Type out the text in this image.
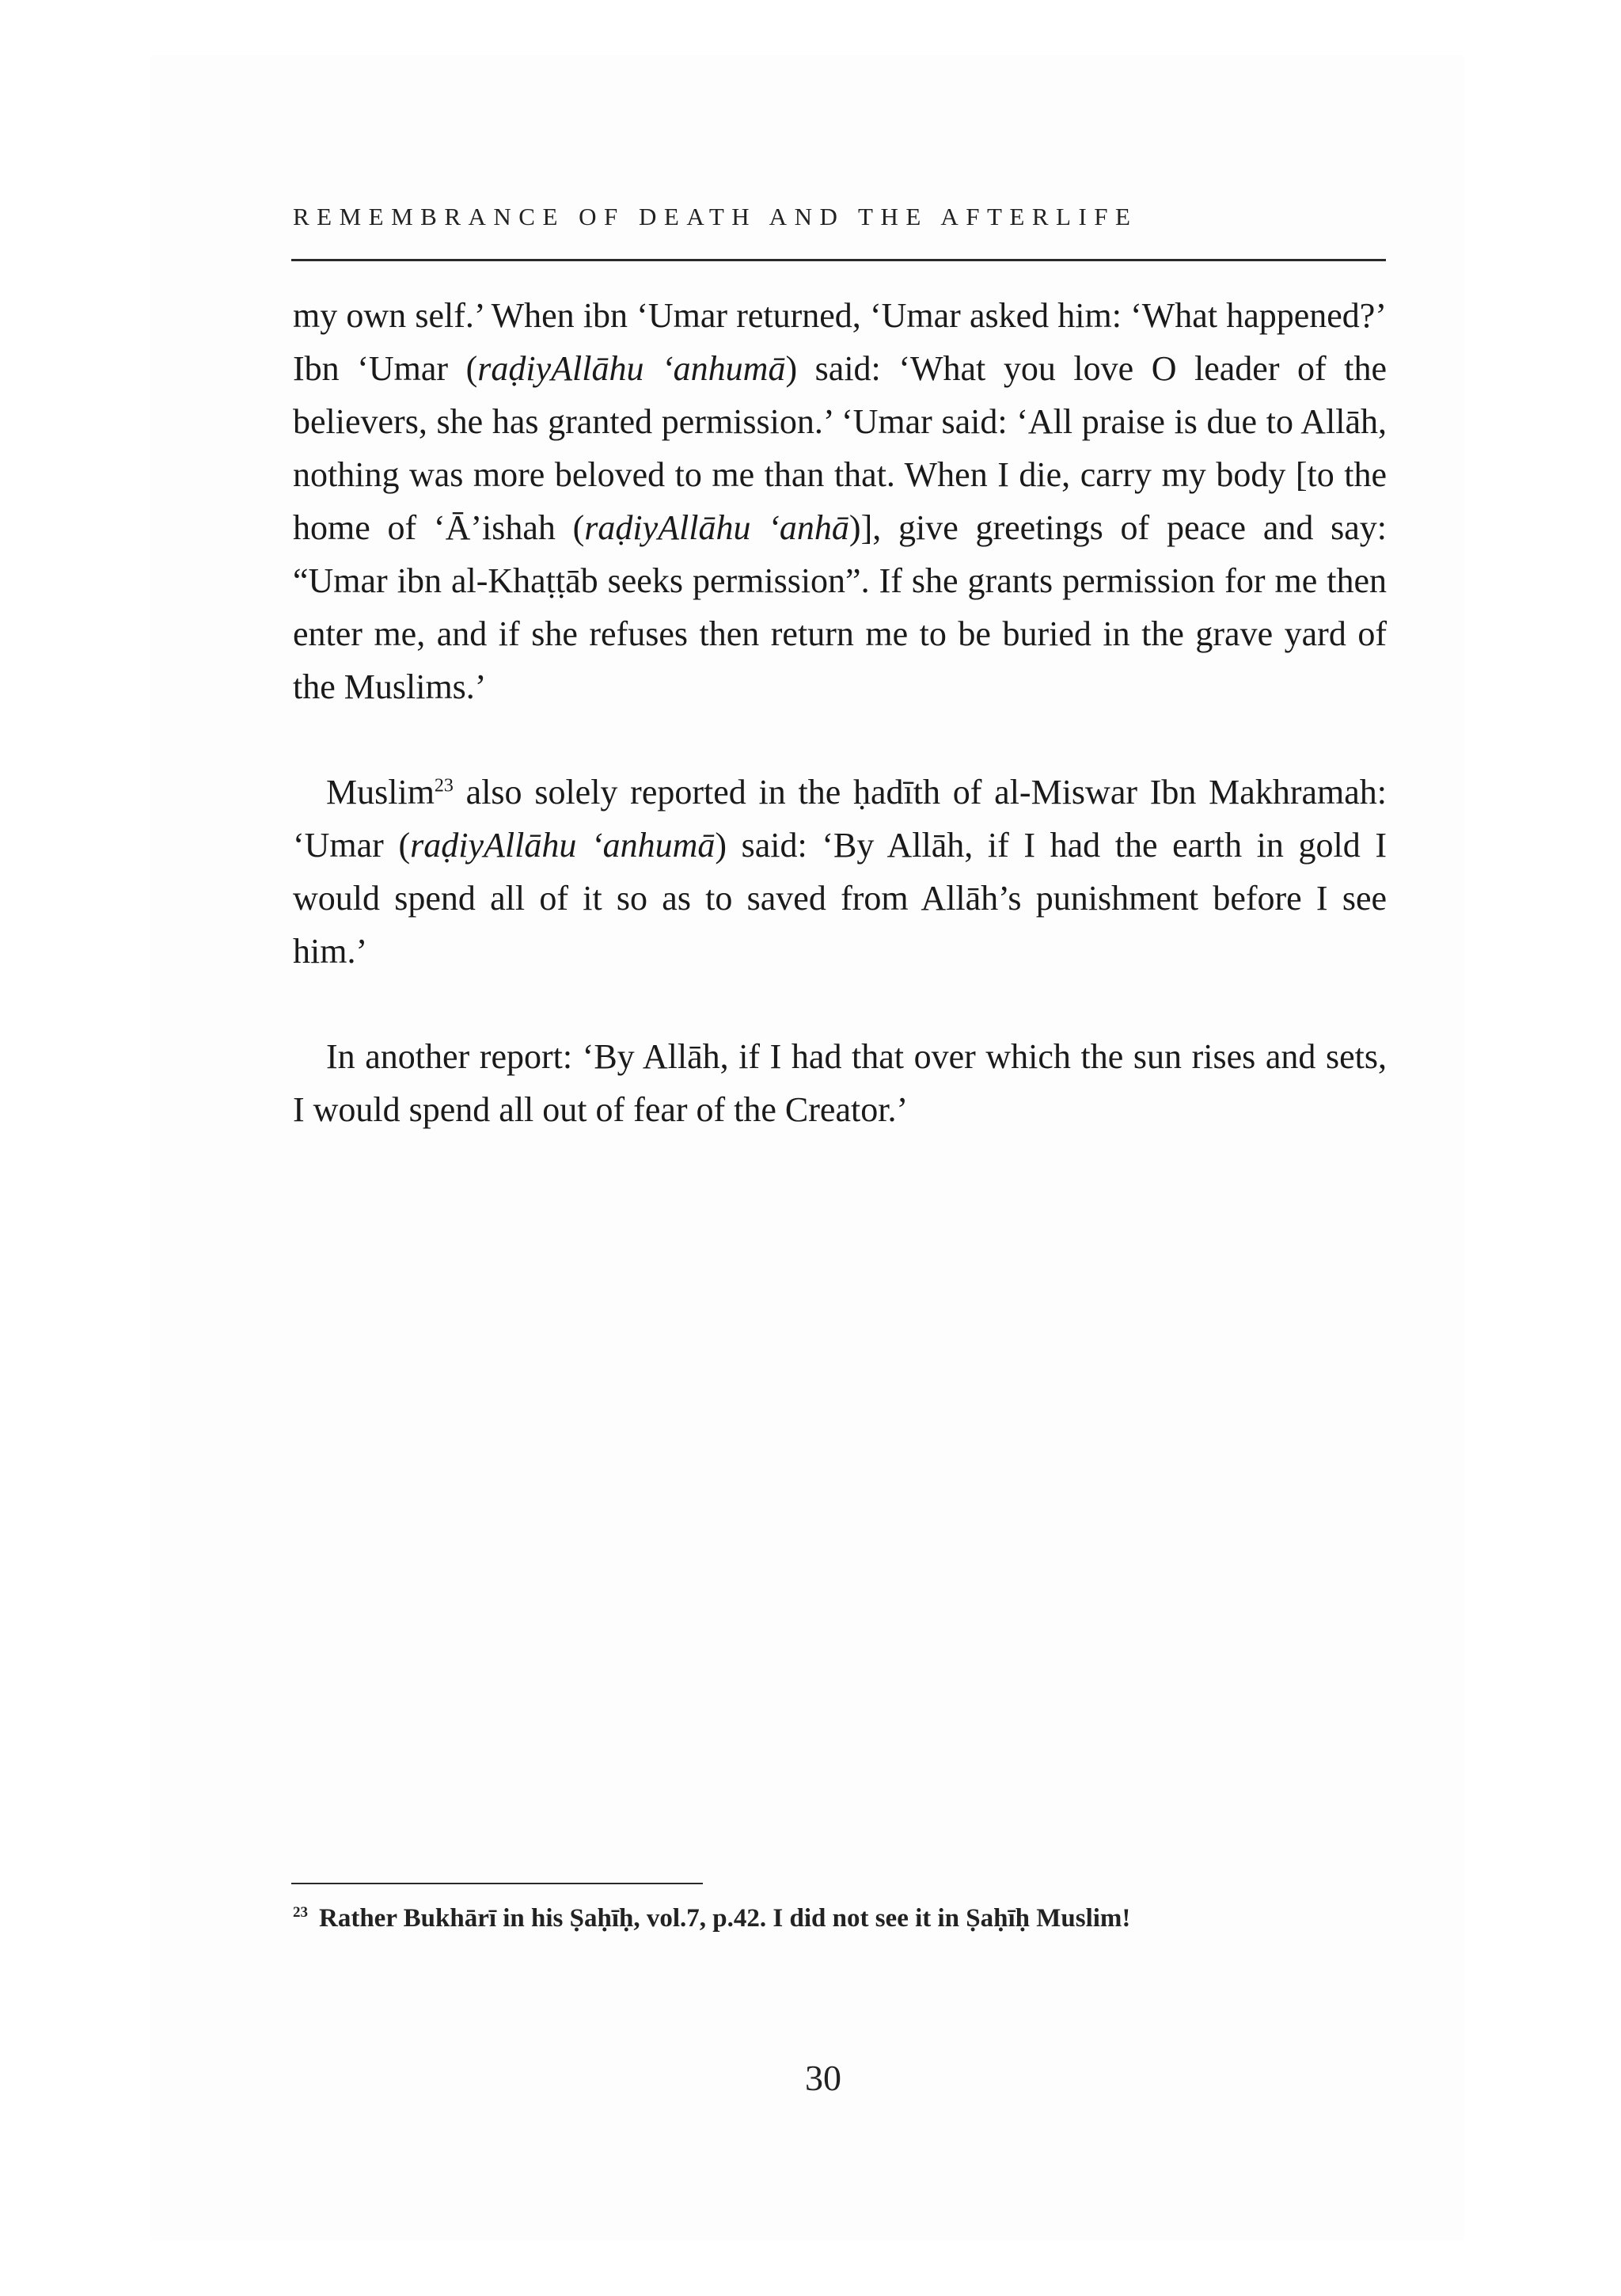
REMEMBRANCE OF DEATH AND THE AFTERLIFE

my own self.’ When ibn ‘Umar returned, ‘Umar asked him: ‘What happened?’ Ibn ‘Umar (raḍiyAllāhu ‘anhumā) said: ‘What you love O leader of the believers, she has granted permission.’ ‘Umar said: ‘All praise is due to Allāh, nothing was more beloved to me than that. When I die, carry my body [to the home of ‘Ā’ishah (raḍiyAllāhu ‘anhā)], give greetings of peace and say: “Umar ibn al-Khaṭṭāb seeks permission”. If she grants permission for me then enter me, and if she refuses then return me to be buried in the grave yard of the Muslims.’

Muslim$^{23}$ also solely reported in the ḥadīth of al-Miswar Ibn Makhramah: ‘Umar (raḍiyAllāhu ‘anhumā) said: ‘By Allāh, if I had the earth in gold I would spend all of it so as to saved from Allāh’s punishment before I see him.’

In another report: ‘By Allāh, if I had that over which the sun rises and sets, I would spend all out of fear of the Creator.’

$^{23}$ Rather Bukhārī in his Ṣaḥīḥ, vol.7, p.42. I did not see it in Ṣaḥīḥ Muslim!
30
